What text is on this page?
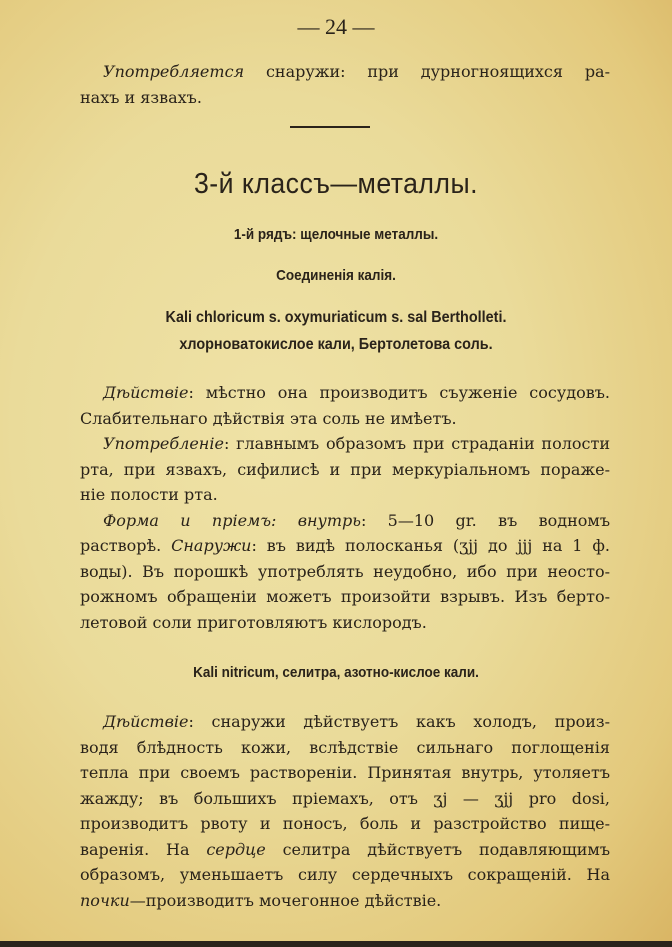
— 24 —
Употребляется снаружи: при дурногноящихся ра-
нахъ и язвахъ.
3-й классъ—металлы.
1-й рядъ: щелочные металлы.
Соединенія калія.
Kali chloricum s. oxymuriaticum s. sal Bertholleti.
хлорноватокислое кали, Бертолетова соль.
Дѣйствіе: мѣстно она производитъ съуженіе сосудовъ.
Слабительнаго дѣйствія эта соль не имѣетъ.
Употребленіе: главнымъ образомъ при страданіи полости
рта, при язвахъ, сифилисѣ и при меркуріальномъ пораже-
ніе полости рта.
Форма и пріемъ: внутрь: 5—10 gr. въ водномъ
растворѣ. Снаружи: въ видѣ полосканья (ʒjj до jjj на 1 ф.
воды). Въ порошкѣ употреблять неудобно, ибо при неосто-
рожномъ обращеніи можетъ произойти взрывъ. Изъ берто-
летовой соли приготовляютъ кислородъ.
Kali nitricum, селитра, азотно-кислое кали.
Дѣйствіе: снаружи дѣйствуетъ какъ холодъ, произ-
водя блѣдность кожи, вслѣдствіе сильнаго поглощенія
тепла при своемъ раствореніи. Принятая внутрь, утоляетъ
жажду; въ большихъ пріемахъ, отъ ʒj — ʒjj pro dosi,
производитъ рвоту и поносъ, боль и разстройство пище-
варенія. На сердце селитра дѣйствуетъ подавляющимъ
образомъ, уменьшаетъ силу сердечныхъ сокращеній. На
почки—производитъ мочегонное дѣйствіе.
